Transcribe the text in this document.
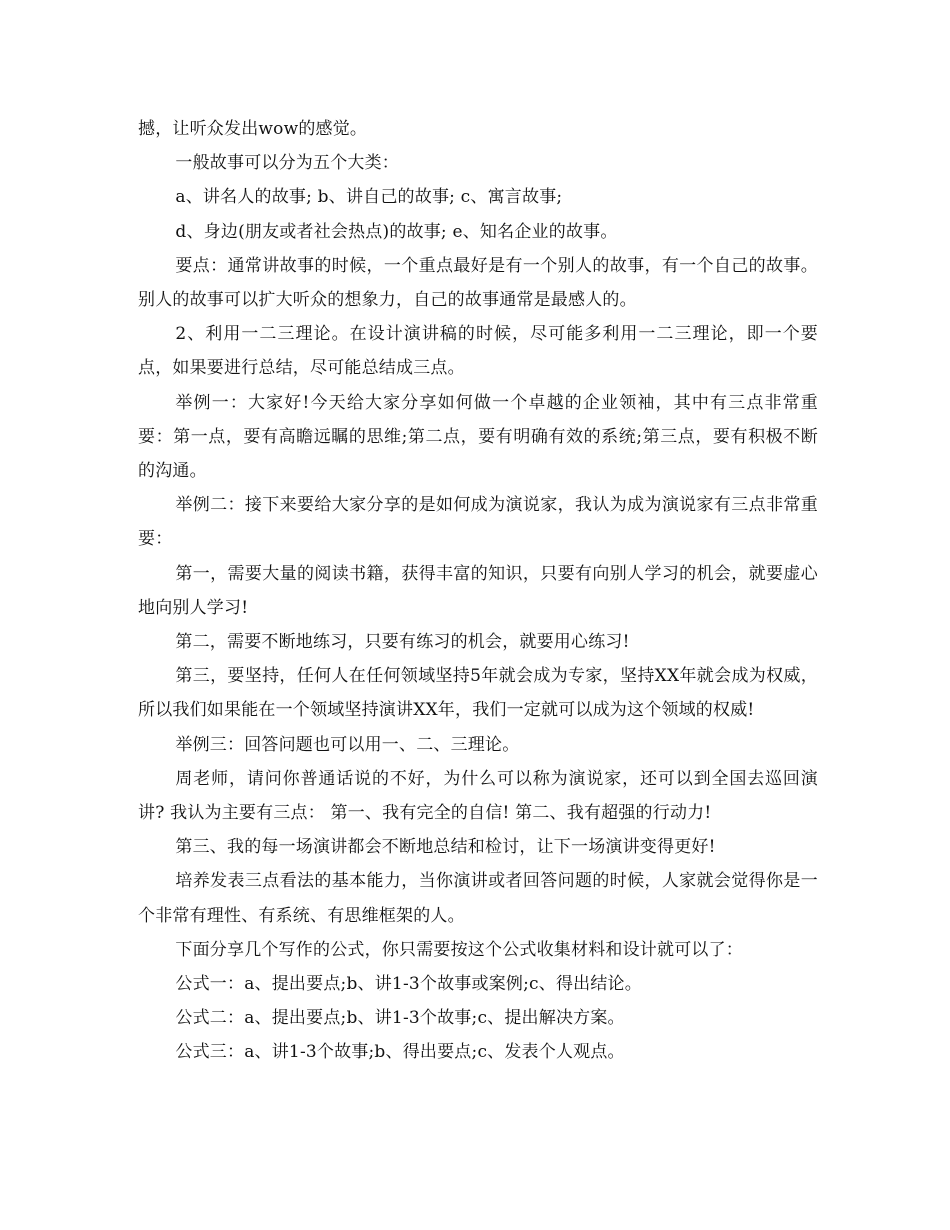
撼，让听众发出wow的感觉。

一般故事可以分为五个大类：

a、讲名人的故事; b、讲自己的故事; c、寓言故事;

d、身边(朋友或者社会热点)的故事; e、知名企业的故事。

要点：通常讲故事的时候，一个重点最好是有一个别人的故事，有一个自己的故事。别人的故事可以扩大听众的想象力，自己的故事通常是最感人的。

2、利用一二三理论。在设计演讲稿的时候，尽可能多利用一二三理论，即一个要点，如果要进行总结，尽可能总结成三点。

举例一：大家好!今天给大家分享如何做一个卓越的企业领袖，其中有三点非常重要：第一点，要有高瞻远瞩的思维;第二点，要有明确有效的系统;第三点，要有积极不断的沟通。

举例二：接下来要给大家分享的是如何成为演说家，我认为成为演说家有三点非常重要：

第一，需要大量的阅读书籍，获得丰富的知识，只要有向别人学习的机会，就要虚心地向别人学习!

第二，需要不断地练习，只要有练习的机会，就要用心练习!

第三，要坚持，任何人在任何领域坚持5年就会成为专家，坚持XX年就会成为权威，所以我们如果能在一个领域坚持演讲XX年，我们一定就可以成为这个领域的权威!

举例三：回答问题也可以用一、二、三理论。

周老师，请问你普通话说的不好，为什么可以称为演说家，还可以到全国去巡回演讲? 我认为主要有三点： 第一、我有完全的自信! 第二、我有超强的行动力!

第三、我的每一场演讲都会不断地总结和检讨，让下一场演讲变得更好!

培养发表三点看法的基本能力，当你演讲或者回答问题的时候，人家就会觉得你是一个非常有理性、有系统、有思维框架的人。

下面分享几个写作的公式，你只需要按这个公式收集材料和设计就可以了：

公式一：a、提出要点;b、讲1-3个故事或案例;c、得出结论。

公式二：a、提出要点;b、讲1-3个故事;c、提出解决方案。

公式三：a、讲1-3个故事;b、得出要点;c、发表个人观点。
